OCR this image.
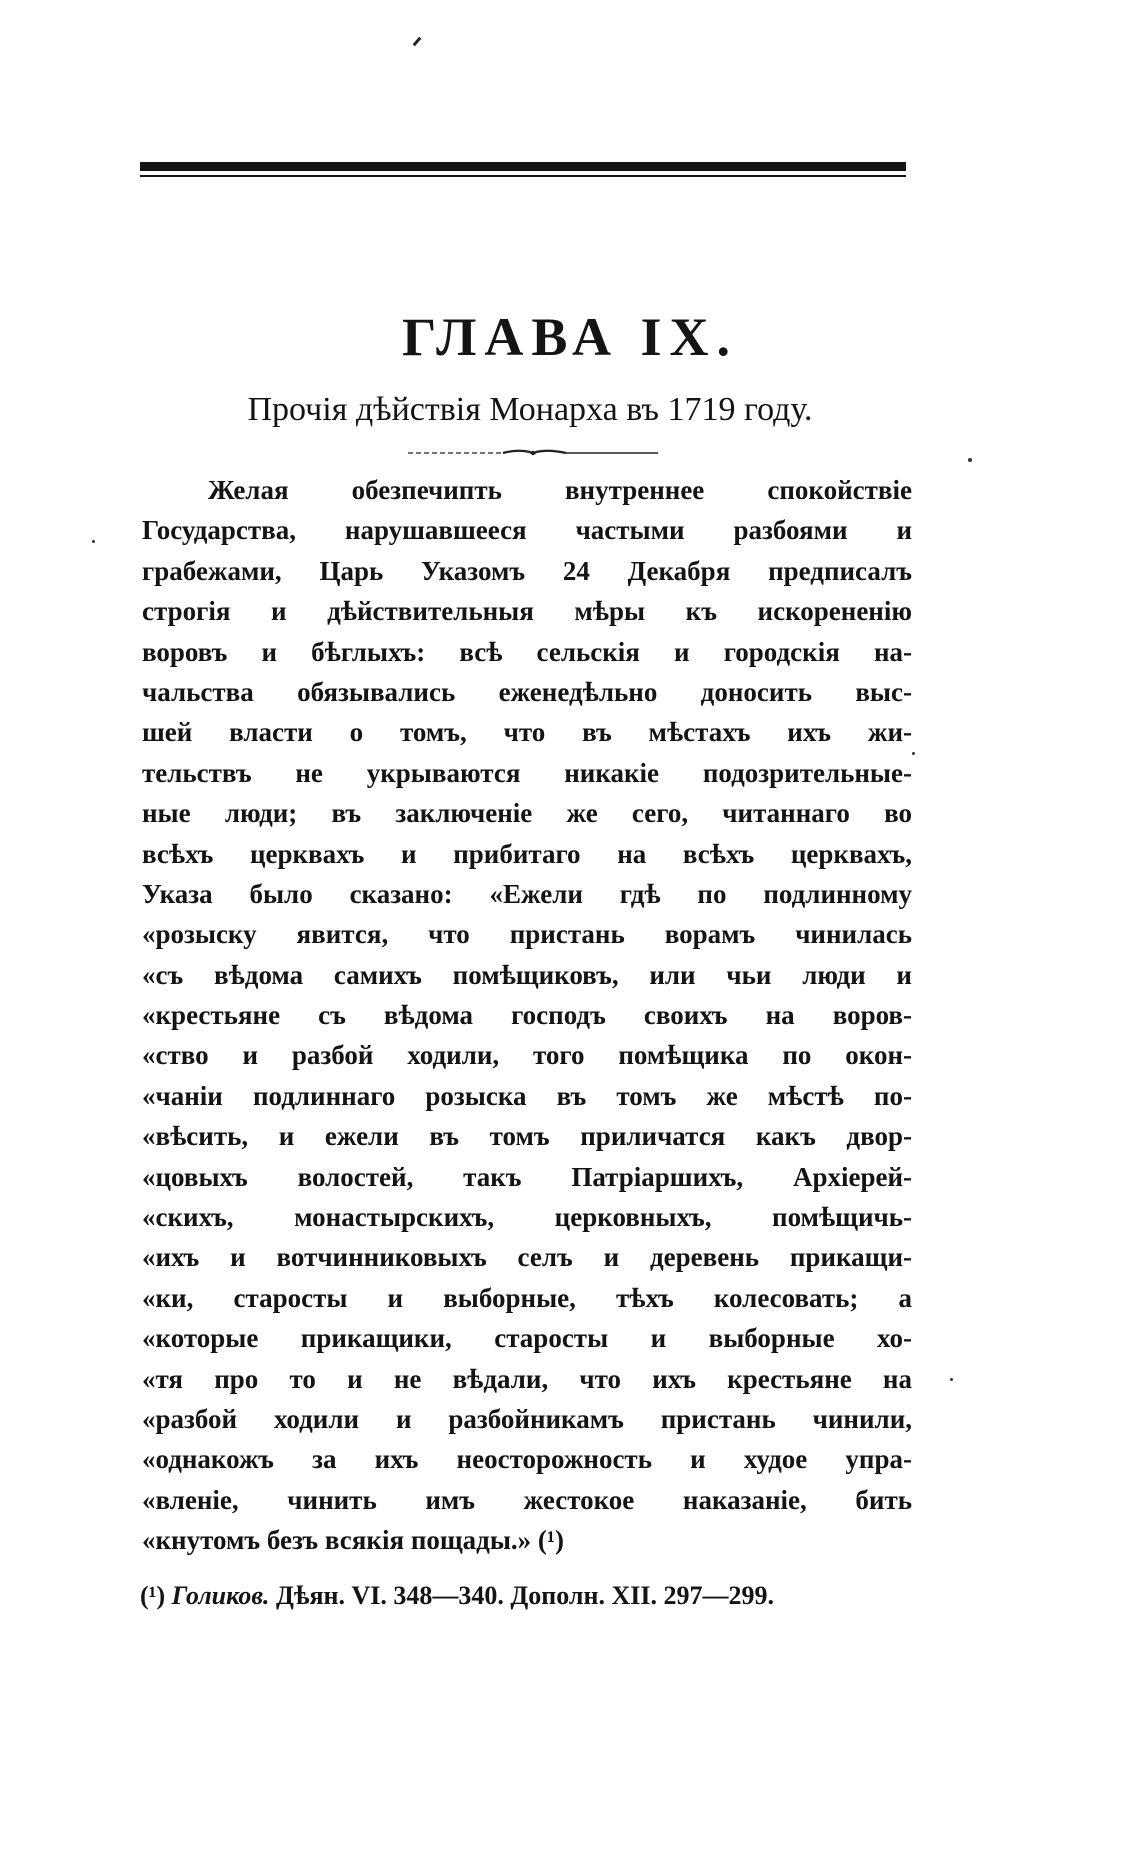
ГЛАВА IX.
Прочія дѣйствія Монарха въ 1719 году.
Желая обезпечипть внутреннее спокойствіе
Государства, нарушавшееся частыми разбоями и
грабежами, Царь Указомъ 24 Декабря предписалъ
строгія и дѣйствительныя мѣры къ искорененію
воровъ и бѣглыхъ: всѣ сельскія и городскія на-
чальства обязывались еженедѣльно доносить выс-
шей власти о томъ, что въ мѣстахъ ихъ жи-
тельствъ не укрываются никакіе подозрительные-
ные люди; въ заключеніе же сего, читаннаго во
всѣхъ церквахъ и прибитаго на всѣхъ церквахъ,
Указа было сказано: «Ежели гдѣ по подлинному
«розыску явится, что пристань ворамъ чинилась
«съ вѣдома самихъ помѣщиковъ, или чьи люди и
«крестьяне съ вѣдома господъ своихъ на воров-
«ство и разбой ходили, того помѣщика по окон-
«чаніи подлиннаго розыска въ томъ же мѣстѣ по-
«вѣсить, и ежели въ томъ приличатся какъ двор-
«цовыхъ волостей, такъ Патріаршихъ, Архіерей-
«скихъ, монастырскихъ, церковныхъ, помѣщичь-
«ихъ и вотчинниковыхъ селъ и деревень прикащи-
«ки, старосты и выборные, тѣхъ колесовать; а
«которые прикащики, старосты и выборные хо-
«тя про то и не вѣдали, что ихъ крестьяне на
«разбой ходили и разбойникамъ пристань чинили,
«однакожъ за ихъ неосторожность и худое упра-
«вленіе, чинить имъ жестокое наказаніе, бить
«кнутомъ безъ всякія пощады.» (¹)
(¹) Голиков. Дѣян. VI. 348—340. Дополн. XII. 297—299.
